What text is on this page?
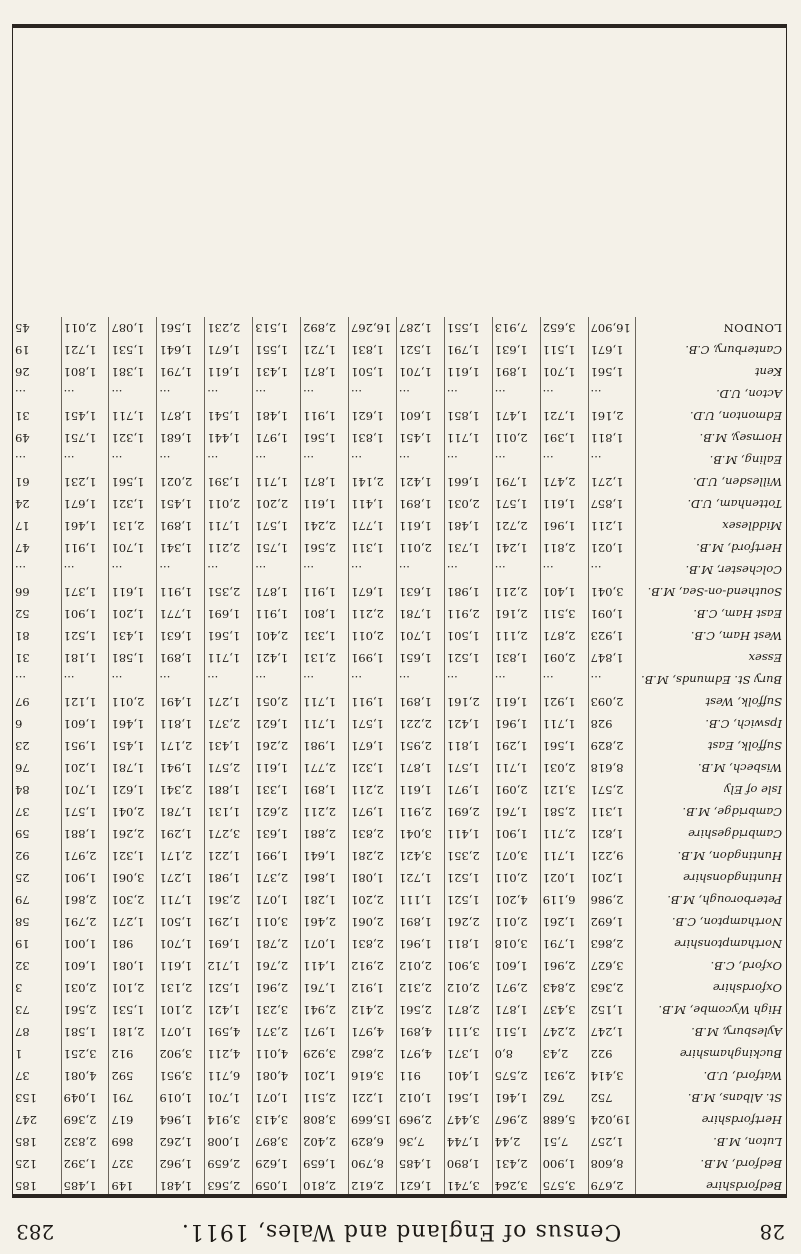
28
Census of England and Wales, 1911.
283
Bedfordshire	2,679	3,575	3,264	3,741	1,621	2,612	2,810	1,059	2,563	1,481	149	1,485	185
Bedford, M.B.	8,608	1,900	2,431	1,890	1,485	8,790	1,659	1,629	2,659	1,962	327	1,392	125
Luton, M.B.	1,257	7,51	2,44	1,744	7,36	6,829	2,402	3,897	1,008	1,262	869	2,832	185
Hertfordshire	19,024	5,688	2,967	3,447	2,969	15,669	3,808	3,413	3,914	1,964	617	2,369	247
St. Albans, M.B.	752	762	1,461	1,561	1,012	1,221	2,511	1,071	1,701	1,019	791	1,049	153
Watford, U.D.	3,414	2,931	2,575	1,401	911	3,616	1,201	4,081	6,711	3,951	592	4,081	37
Buckinghamshire	922	2,43	8,0	1,371	4,971	2,862	3,929	4,011	4,211	3,902	912	3,251	1
Aylesbury, M.B.	1,247	2,247	1,511	3,111	4,891	4,971	1,971	2,371	4,591	1,071	2,181	1,581	87
High Wycombe, M.B.	1,152	3,437	1,871	2,871	2,561	2,412	2,941	3,231	1,421	2,101	1,531	2,561	73
Oxfordshire	2,363	2,843	2,971	2,012	2,312	1,912	1,761	2,961	1,521	2,131	2,101	2,031	3
Oxford, C.B.	3,627	2,961	1,601	3,901	2,012	2,912	1,411	2,761	1,712	1,611	1,081	1,601	32
Northamptonshire	2,863	1,791	3,018	1,811	1,961	2,831	1,071	2,781	1,691	1,701	981	1,001	19
Northampton, C.B.	1,692	1,261	2,011	2,261	1,891	2,061	2,461	3,011	1,291	1,501	1,271	2,791	58
Peterborough, M.B.	2,986	6,119	4,201	1,521	1,111	2,201	1,281	1,071	2,361	1,711	2,301	2,861	79
Huntingdonshire	1,201	1,021	2,011	1,521	1,721	1,081	1,861	2,371	1,981	1,271	3,061	1,901	25
Huntingdon, M.B.	9,221	1,711	3,071	2,351	3,421	2,281	1,641	1,991	1,221	2,171	1,321	2,971	92
Cambridgeshire	1,821	2,711	1,901	1,411	3,041	2,831	2,881	1,631	3,271	1,291	2,261	1,881	59
Cambridge, M.B.	1,311	2,581	1,761	2,691	2,911	1,971	2,211	2,621	1,131	1,781	2,041	1,571	37
Isle of Ely	2,571	3,121	2,091	1,971	1,611	2,211	1,891	1,331	1,881	2,341	1,621	1,701	84
Wisbech, M.B.	8,618	2,031	1,711	1,571	1,871	1,321	2,771	1,611	2,571	1,941	1,781	1,201	76
Suffolk, East	2,829	1,561	1,291	1,811	2,951	1,671	1,981	2,261	1,431	2,171	1,451	1,951	23
Ipswich, C.B.	928	1,711	1,961	1,421	2,221	1,571	1,711	1,621	2,371	1,811	1,461	1,601	6
Suffolk, West	2,093	1,921	1,611	2,161	1,891	1,911	1,711	2,051	1,271	1,491	2,011	1,121	97
Bury St. Edmunds, M.B.	...	...	...	...	...	...	...	...	...	...	...	...	...
Essex	1,847	2,091	1,831	1,521	1,651	1,991	2,131	1,421	1,711	1,891	1,581	1,181	31
West Ham, C.B.	1,923	2,871	2,111	1,501	1,701	2,011	1,331	2,401	1,561	1,631	1,431	1,521	81
East Ham, C.B.	1,091	3,511	2,161	2,911	1,781	2,211	1,801	1,911	1,691	1,771	1,201	1,901	52
Southend-on-Sea, M.B.	3,041	1,401	2,211	1,981	1,631	1,671	1,911	1,871	2,351	1,911	1,611	1,371	66
Colchester, M.B.	...	...	...	...	...	...	...	...	...	...	...	...	...
Hertford, M.B.	1,021	2,811	1,241	1,731	2,011	1,311	2,561	1,751	2,211	1,341	1,701	1,911	47
Middlesex	1,211	1,961	2,721	1,481	1,611	1,771	2,241	1,571	1,711	1,891	2,131	1,461	17
Tottenham, U.D.	1,857	1,611	1,571	2,031	1,891	1,411	1,611	2,201	2,011	1,451	1,321	1,671	24
Willesden, U.D.	1,271	2,471	1,791	1,661	1,421	2,141	1,871	1,711	1,391	2,021	1,561	1,231	61
Ealing, M.B.	...	...	...	...	...	...	...	...	...	...	...	...	...
Hornsey, M.B.	1,811	1,391	2,011	1,711	1,451	1,831	1,561	1,971	1,441	1,681	1,321	1,751	49
Edmonton, U.D.	2,161	1,721	1,471	1,851	1,601	1,621	1,911	1,481	1,541	1,871	1,711	1,451	31
Acton, U.D.	...	...	...	...	...	...	...	...	...	...	...	...	...
Kent	1,561	1,701	1,891	1,611	1,701	1,501	1,871	1,431	1,611	1,791	1,381	1,801	26
Canterbury, C.B.	1,671	1,511	1,631	1,791	1,521	1,831	1,721	1,551	1,671	1,641	1,531	1,721	19
LONDON	16,907	3,652	7,913	1,551	1,287	16,267	2,892	1,513	2,231	1,561	1,087	2,011	45
